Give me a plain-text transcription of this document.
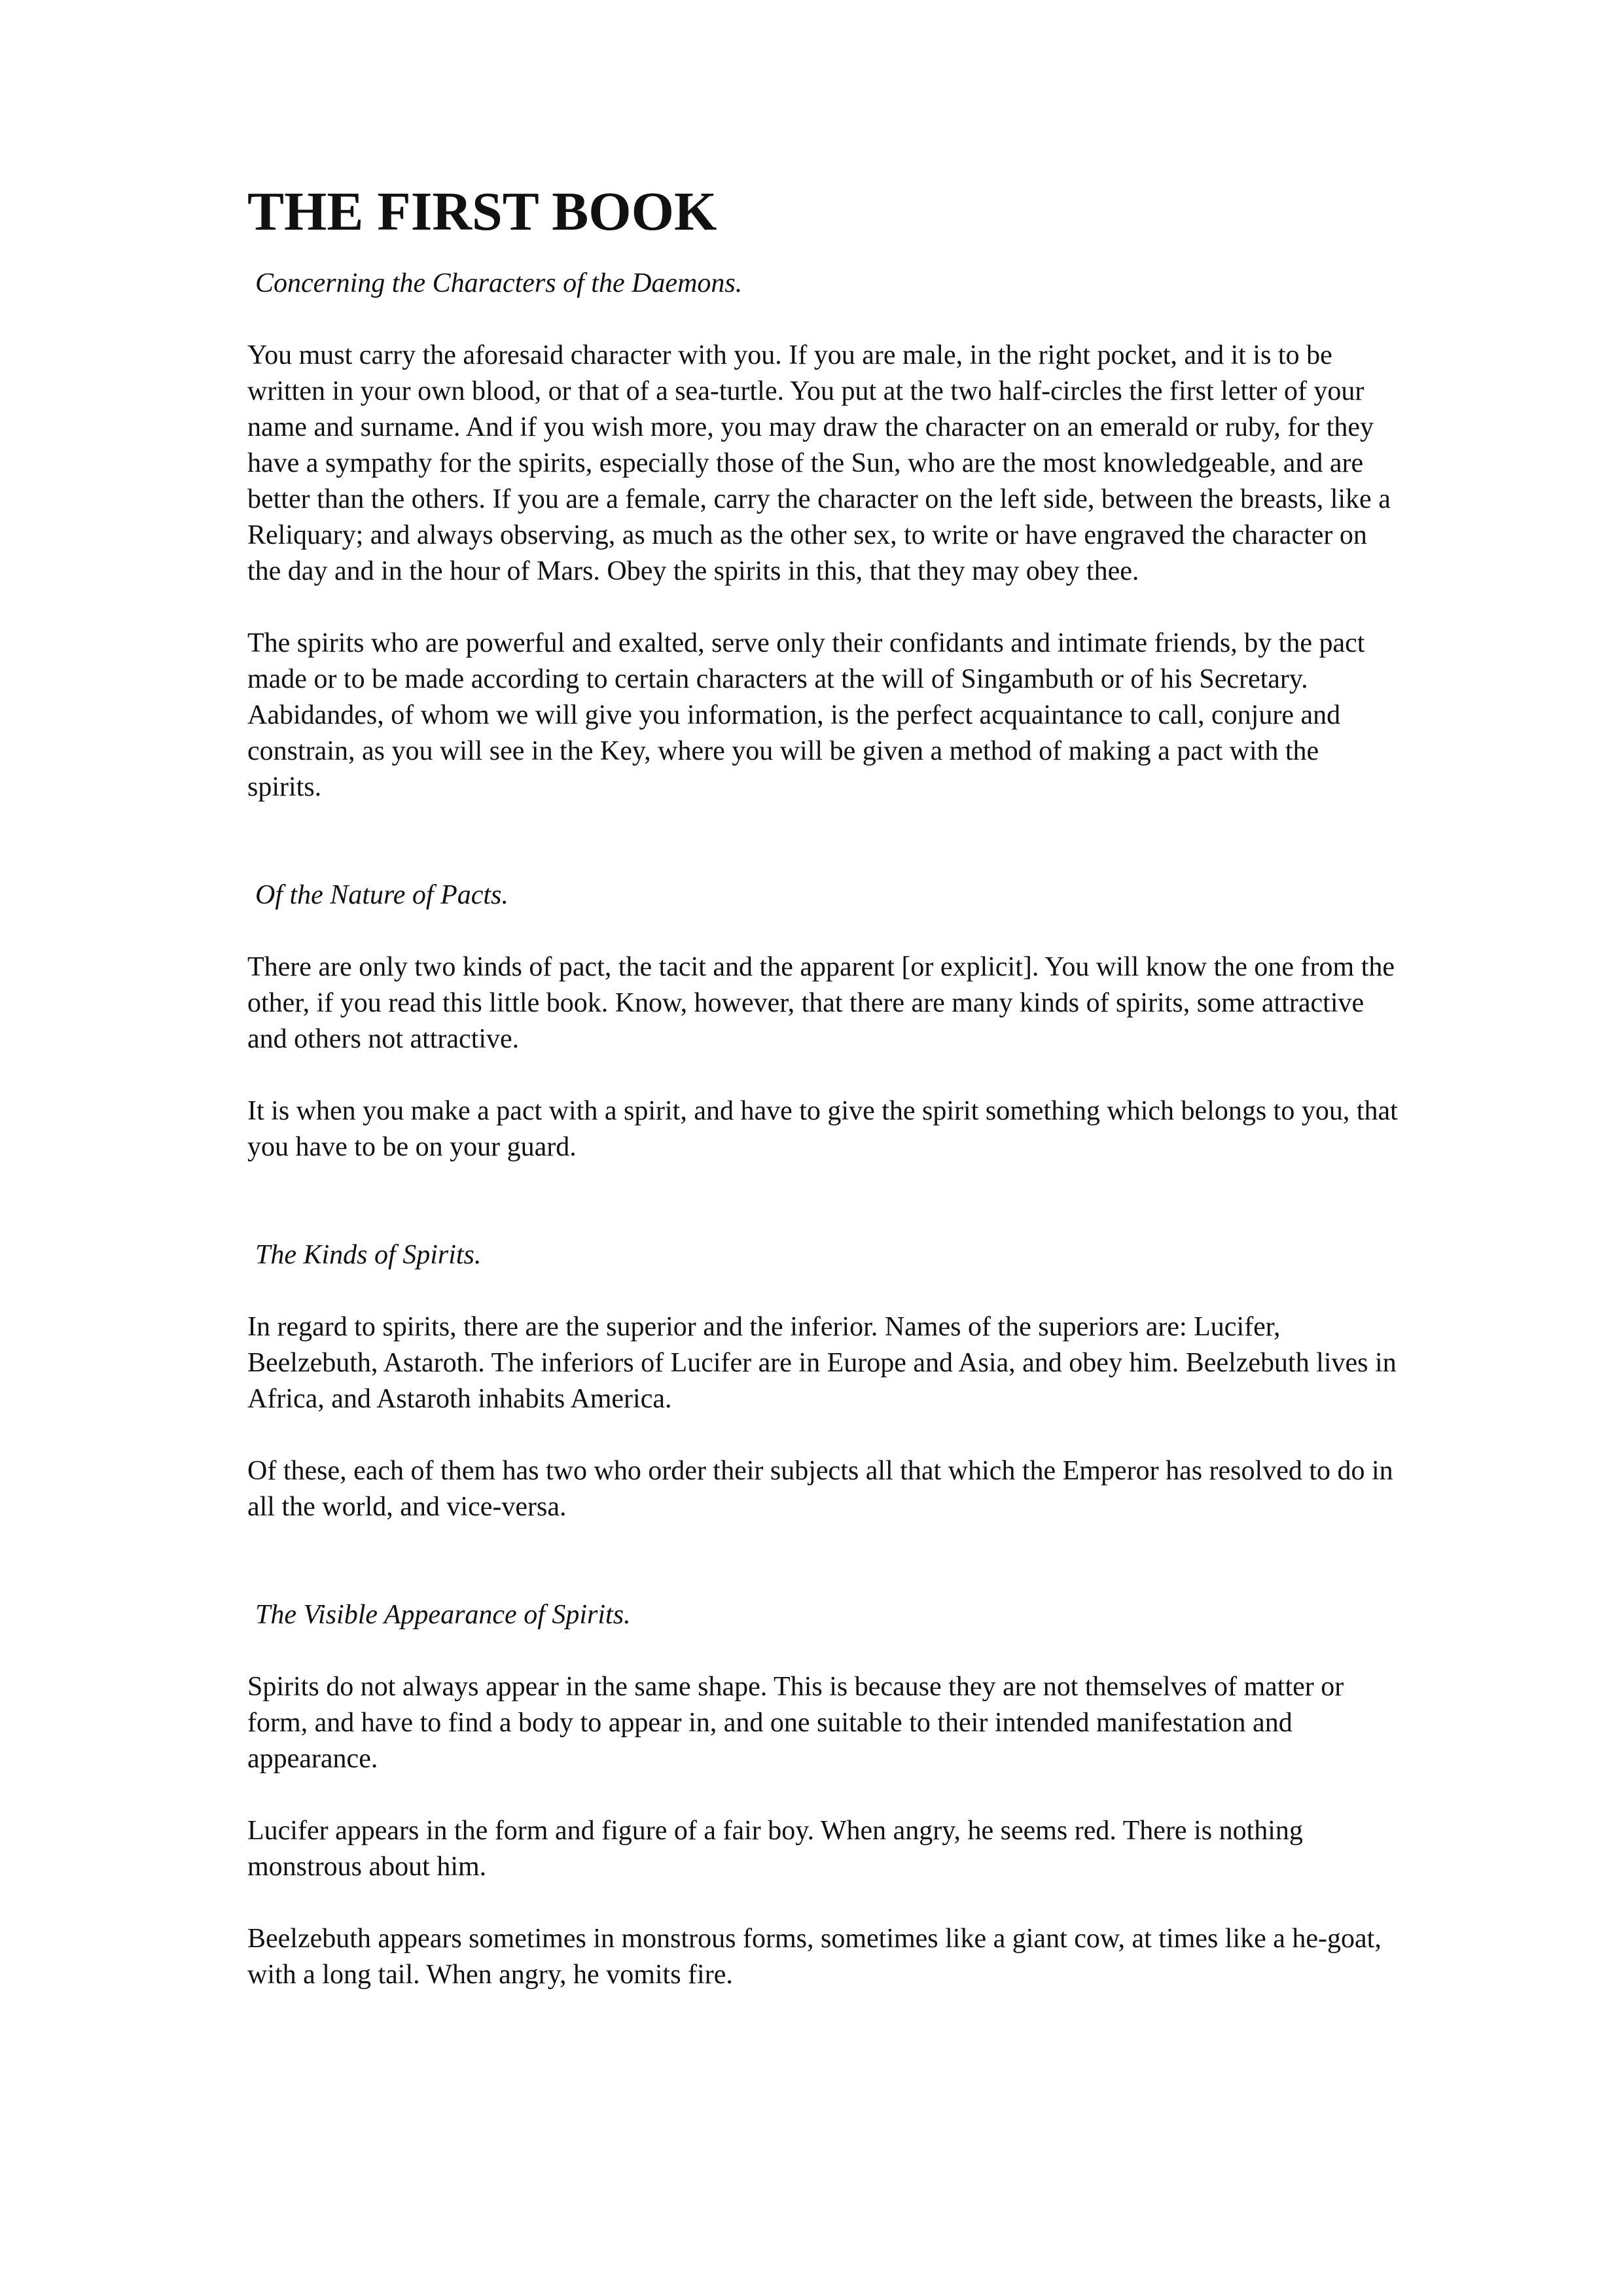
THE FIRST BOOK
Concerning the Characters of the Daemons.

You must carry the aforesaid character with you. If you are male, in the right pocket, and it is to be written in your own blood, or that of a sea-turtle. You put at the two half-circles the first letter of your name and surname. And if you wish more, you may draw the character on an emerald or ruby, for they have a sympathy for the spirits, especially those of the Sun, who are the most knowledgeable, and are better than the others. If you are a female, carry the character on the left side, between the breasts, like a Reliquary; and always observing, as much as the other sex, to write or have engraved the character on the day and in the hour of Mars. Obey the spirits in this, that they may obey thee.

The spirits who are powerful and exalted, serve only their confidants and intimate friends, by the pact made or to be made according to certain characters at the will of Singambuth or of his Secretary. Aabidandes, of whom we will give you information, is the perfect acquaintance to call, conjure and constrain, as you will see in the Key, where you will be given a method of making a pact with the spirits.

Of the Nature of Pacts.

There are only two kinds of pact, the tacit and the apparent [or explicit]. You will know the one from the other, if you read this little book. Know, however, that there are many kinds of spirits, some attractive and others not attractive.

It is when you make a pact with a spirit, and have to give the spirit something which belongs to you, that you have to be on your guard.

The Kinds of Spirits.

In regard to spirits, there are the superior and the inferior. Names of the superiors are: Lucifer, Beelzebuth, Astaroth. The inferiors of Lucifer are in Europe and Asia, and obey him. Beelzebuth lives in Africa, and Astaroth inhabits America.

Of these, each of them has two who order their subjects all that which the Emperor has resolved to do in all the world, and vice-versa.

The Visible Appearance of Spirits.

Spirits do not always appear in the same shape. This is because they are not themselves of matter or form, and have to find a body to appear in, and one suitable to their intended manifestation and appearance.

Lucifer appears in the form and figure of a fair boy. When angry, he seems red. There is nothing monstrous about him.

Beelzebuth appears sometimes in monstrous forms, sometimes like a giant cow, at times like a he-goat, with a long tail. When angry, he vomits fire.
